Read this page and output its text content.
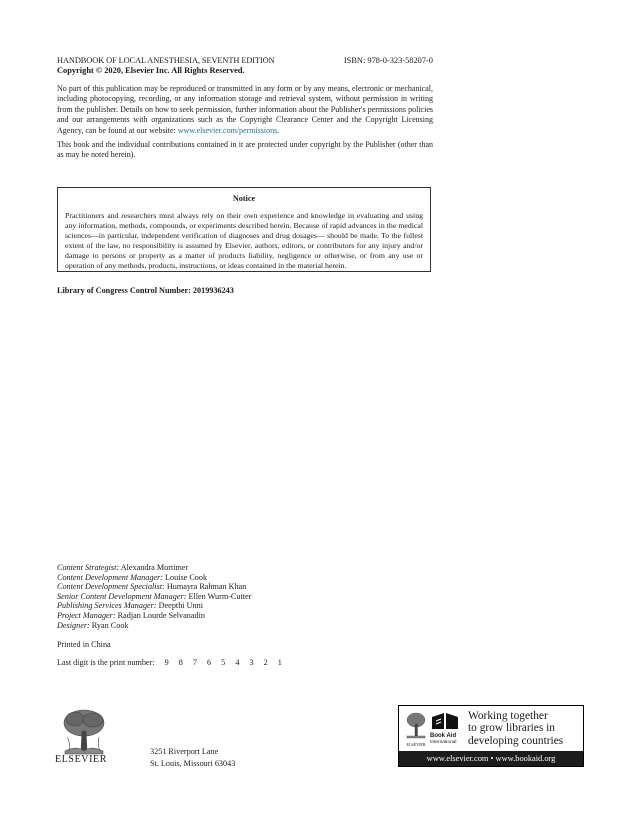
HANDBOOK OF LOCAL ANESTHESIA, SEVENTH EDITION	ISBN: 978-0-323-58207-0
Copyright © 2020, Elsevier Inc. All Rights Reserved.
No part of this publication may be reproduced or transmitted in any form or by any means, electronic or mechanical, including photocopying, recording, or any information storage and retrieval system, without permission in writing from the publisher. Details on how to seek permission, further information about the Publisher's permissions policies and our arrangements with organizations such as the Copyright Clearance Center and the Copyright Licensing Agency, can be found at our website: www.elsevier.com/permissions.
This book and the individual contributions contained in it are protected under copyright by the Publisher (other than as may be noted herein).
Notice
Practitioners and researchers must always rely on their own experience and knowledge in evaluating and using any information, methods, compounds, or experiments described herein. Because of rapid advances in the medical sciences—in particular, independent verification of diagnoses and drug dosages— should be made. To the fullest extent of the law, no responsibility is assumed by Elsevier, authors, editors, or contributors for any injury and/or damage to persons or property as a matter of products liability, negligence or otherwise, or from any use or operation of any methods, products, instructions, or ideas contained in the material herein.
Library of Congress Control Number: 2019936243
Content Strategist: Alexandra Mortimer
Content Development Manager: Louise Cook
Content Development Specialist: Humayra Rahman Khan
Senior Content Development Manager: Ellen Wurm-Cutter
Publishing Services Manager: Deepthi Unni
Project Manager: Radjan Lourde Selvanadin
Designer: Ryan Cook
Printed in China
Last digit is the print number: 9 8 7 6 5 4 3 2 1
ELSEVIER
3251 Riverport Lane
St. Louis, Missouri 63043
ELSEVIER
Book Aid
International
Working together
to grow libraries in
developing countries
www.elsevier.com • www.bookaid.org
